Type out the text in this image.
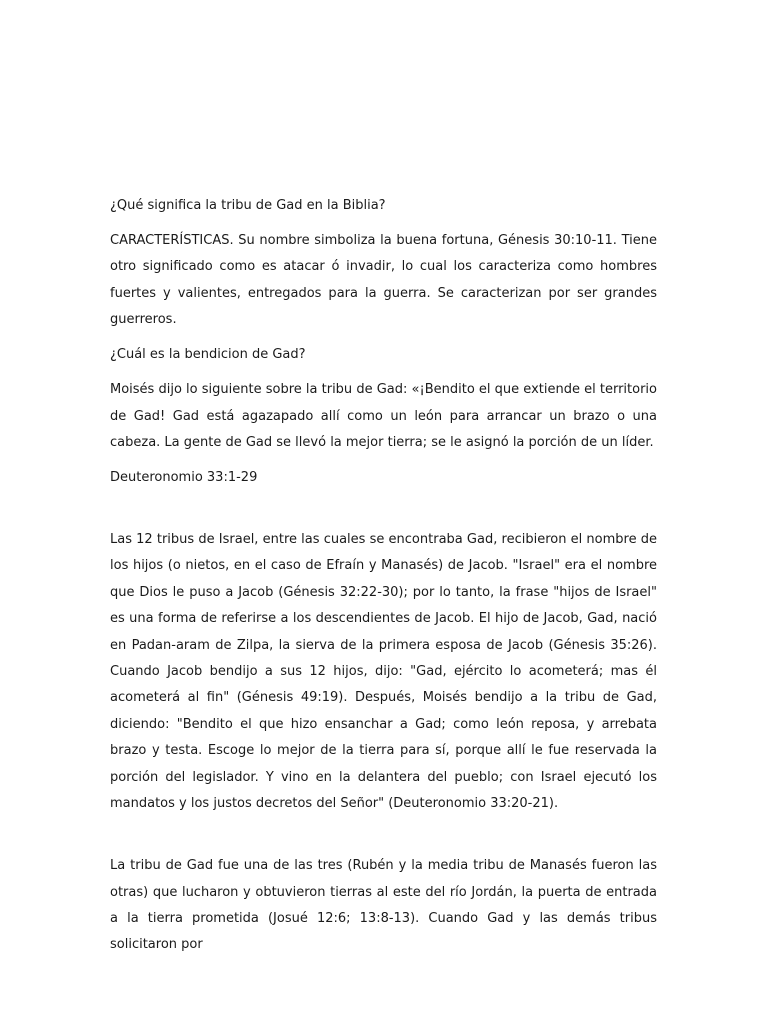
¿Qué significa la tribu de Gad en la Biblia?

CARACTERÍSTICAS. Su nombre simboliza la buena fortuna, Génesis 30:10-11. Tiene otro significado como es atacar ó invadir, lo cual los caracteriza como hombres fuertes y valientes, entregados para la guerra. Se caracterizan por ser grandes guerreros.

¿Cuál es la bendicion de Gad?

Moisés dijo lo siguiente sobre la tribu de Gad: «¡Bendito el que extiende el territorio de Gad! Gad está agazapado allí como un león para arrancar un brazo o una cabeza. La gente de Gad se llevó la mejor tierra; se le asignó la porción de un líder.

Deuteronomio 33:1-29

Las 12 tribus de Israel, entre las cuales se encontraba Gad, recibieron el nombre de los hijos (o nietos, en el caso de Efraín y Manasés) de Jacob. "Israel" era el nombre que Dios le puso a Jacob (Génesis 32:22-30); por lo tanto, la frase "hijos de Israel" es una forma de referirse a los descendientes de Jacob. El hijo de Jacob, Gad, nació en Padan-aram de Zilpa, la sierva de la primera esposa de Jacob (Génesis 35:26). Cuando Jacob bendijo a sus 12 hijos, dijo: "Gad, ejército lo acometerá; mas él acometerá al fin" (Génesis 49:19). Después, Moisés bendijo a la tribu de Gad, diciendo: "Bendito el que hizo ensanchar a Gad; como león reposa, y arrebata brazo y testa. Escoge lo mejor de la tierra para sí, porque allí le fue reservada la porción del legislador. Y vino en la delantera del pueblo; con Israel ejecutó los mandatos y los justos decretos del Señor" (Deuteronomio 33:20-21).

La tribu de Gad fue una de las tres (Rubén y la media tribu de Manasés fueron las otras) que lucharon y obtuvieron tierras al este del río Jordán, la puerta de entrada a la tierra prometida (Josué 12:6; 13:8-13). Cuando Gad y las demás tribus solicitaron por
